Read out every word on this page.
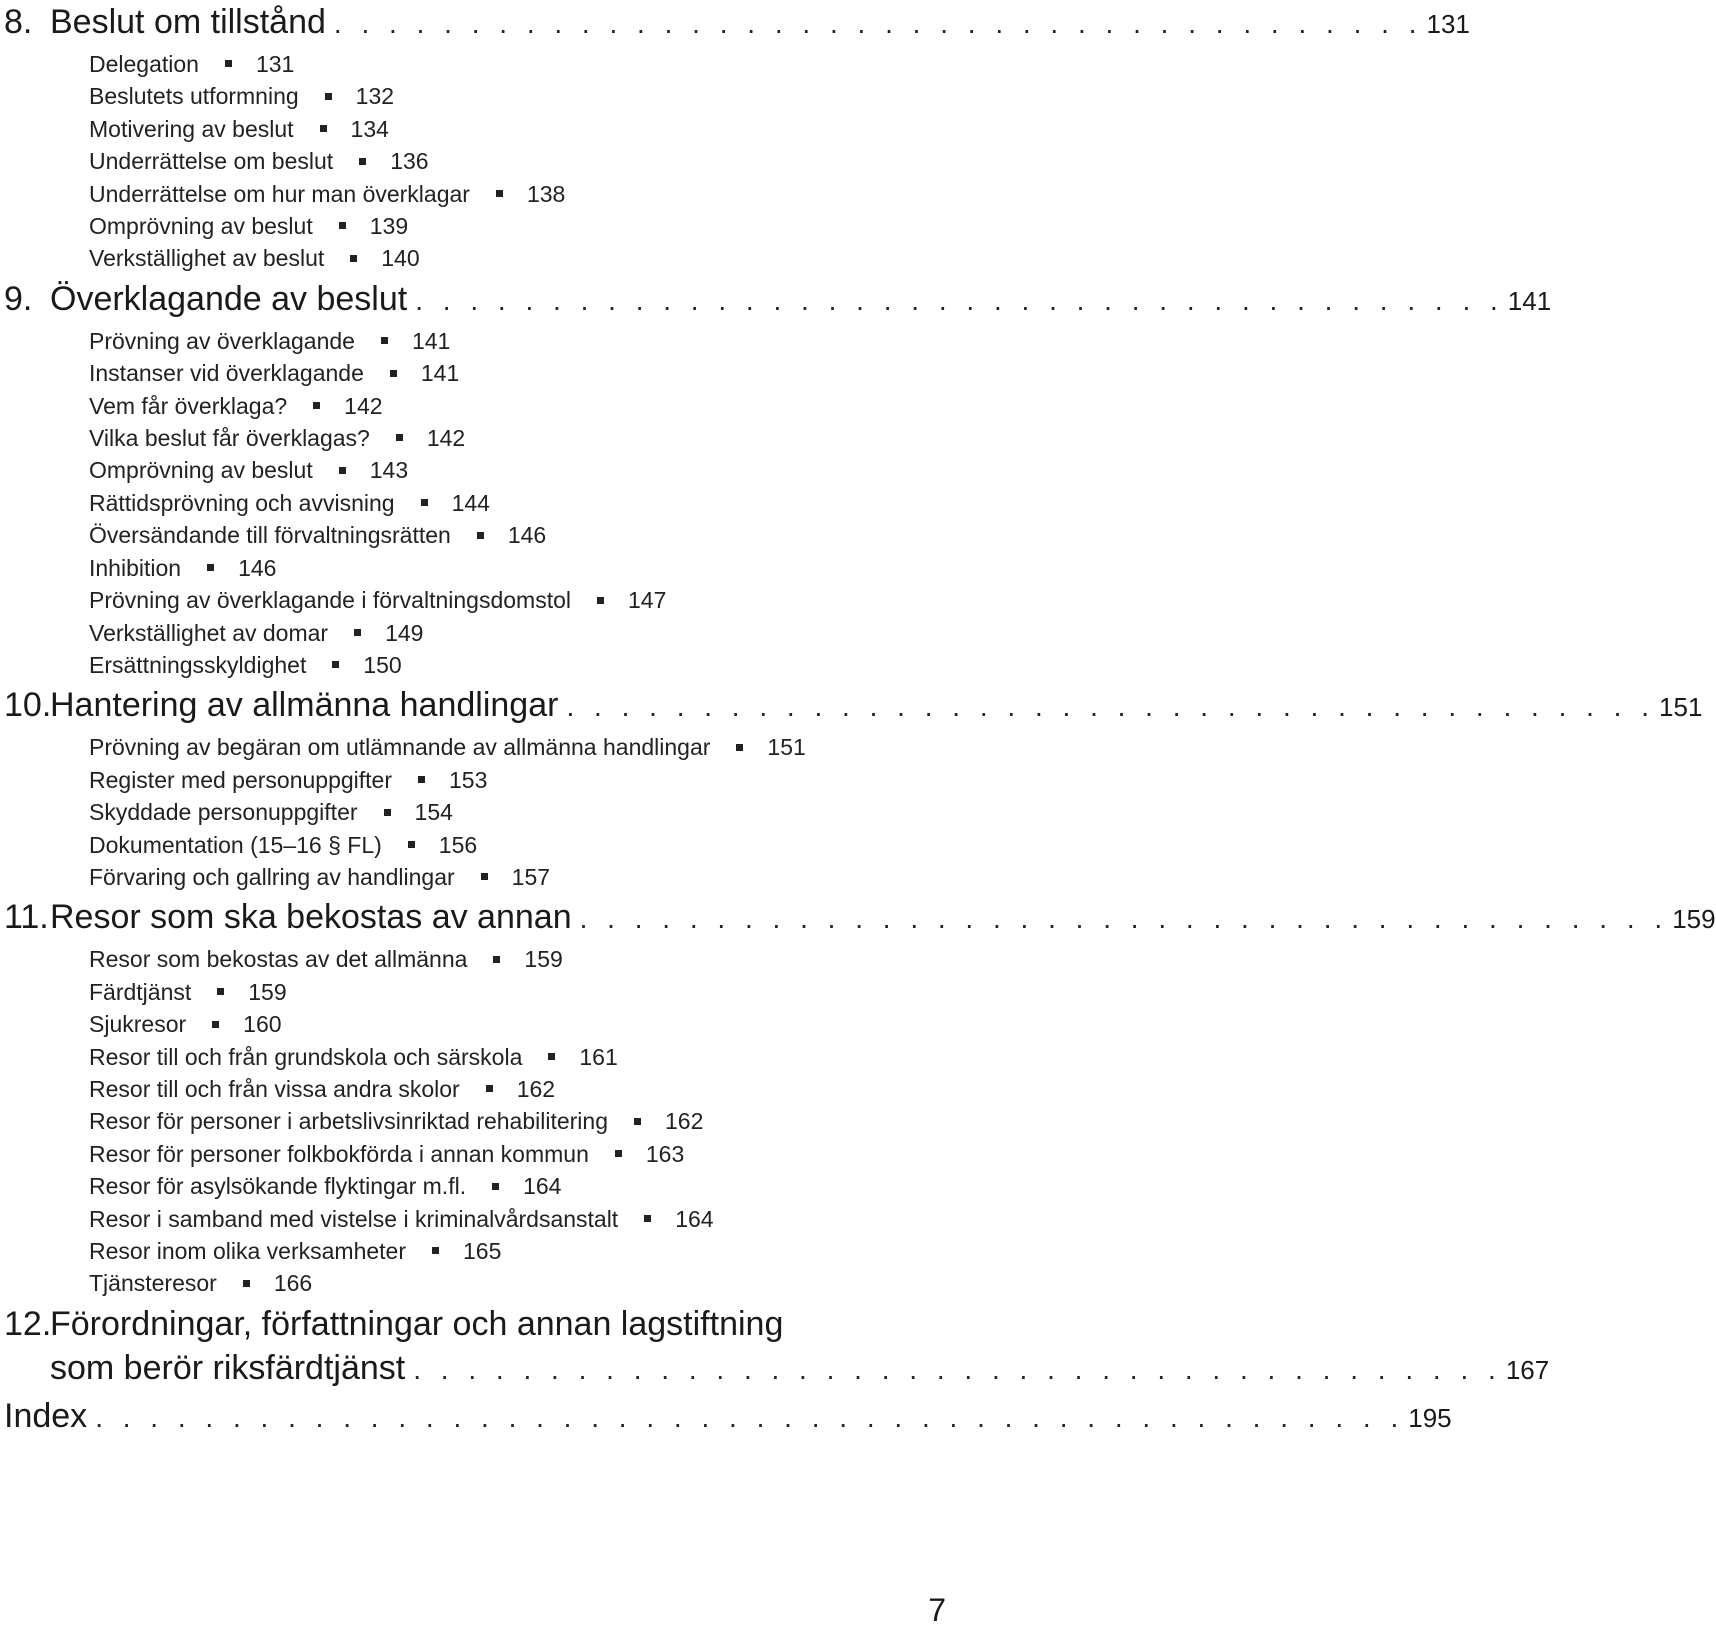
8. Beslut om tillstånd . . . . . . . . . . . . . . . . . . . . . . . . . . . . . . . . . . . . . . . . 131
Delegation 131
Beslutets utformning 132
Motivering av beslut 134
Underrättelse om beslut 136
Underrättelse om hur man överklagar 138
Omprövning av beslut 139
Verkställighet av beslut 140
9. Överklagande av beslut . . . . . . . . . . . . . . . . . . . . . . . . . . . . . . . . . . . . . . . . 141
Prövning av överklagande 141
Instanser vid överklagande 141
Vem får överklaga? 142
Vilka beslut får överklagas? 142
Omprövning av beslut 143
Rättidsprövning och avvisning 144
Översändande till förvaltningsrätten 146
Inhibition 146
Prövning av överklagande i förvaltningsdomstol 147
Verkställighet av domar 149
Ersättningsskyldighet 150
10.
Hantering av allmänna handlingar . . . . . . . . . . . . . . . . . . . . . . . . . . . . . . . . . . . . . . . . 151
Prövning av begäran om utlämnande av allmänna handlingar 151
Register med personuppgifter 153
Skyddade personuppgifter 154
Dokumentation (15–16 § FL) 156
Förvaring och gallring av handlingar 157
11. Resor som ska bekostas av annan . . . . . . . . . . . . . . . . . . . . . . . . . . . . . . . . . . . . . . . . 159
Resor som bekostas av det allmänna 159
Färdtjänst 159
Sjukresor 160
Resor till och från grundskola och särskola 161
Resor till och från vissa andra skolor 162
Resor för personer i arbetslivsinriktad rehabilitering 162
Resor för personer folkbokförda i annan kommun 163
Resor för asylsökande flyktingar m.fl. 164
Resor i samband med vistelse i kriminalvårdsanstalt 164
Resor inom olika verksamheter 165
Tjänsteresor 166
12.
Förordningar, författningar och annan lagstiftning
som berör riksfärdtjänst . . . . . . . . . . . . . . . . . . . . . . . . . . . . . . . . . . . . . . . . 167
Index . . . . . . . . . . . . . . . . . . . . . . . . . . . . . . . . . . . . . . . . . . . . . . . . 195
7
